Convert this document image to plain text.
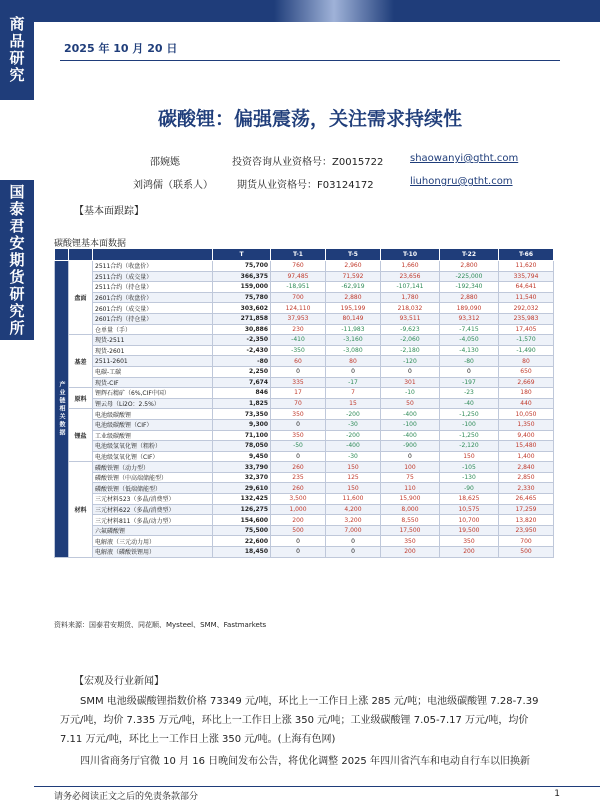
商品研究
国泰君安期货研究所
2025 年 10 月 20 日
碳酸锂：偏强震荡，关注需求持续性
邵婉嫕	投资咨询从业资格号：Z0015722	shaowanyi@gtht.com
刘鸿儒（联系人） 期货从业资格号：F03124172	liuhongru@gtht.com
【基本面跟踪】
碳酸锂基本面数据
			T	T-1	T-5	T-10	T-22	T-66
产业链相关数据	盘面	2511合约（收盘价）	75,700	760	2,960	1,660	2,800	11,620
		2511合约（成交量）	366,375	97,485	71,592	23,656	-225,000	335,794
		2511合约（持仓量）	159,000	-18,951	-62,919	-107,141	-192,340	64,641
		2601合约（收盘价）	75,780	700	2,880	1,780	2,880	11,540
		2601合约（成交量）	303,602	124,110	195,199	218,032	189,090	292,032
		2601合约（持仓量）	271,858	37,953	80,149	93,511	93,312	235,983
		仓单量（手）	30,886	230	-11,983	-9,623	-7,415	17,405
	基差	现货-2511	-2,350	-410	-3,160	-2,060	-4,050	-1,570
		现货-2601	-2,430	-350	-3,080	-2,180	-4,130	-1,490
		2511-2601	-80	60	80	-120	-80	80
		电碳-工碳	2,250	0	0	0	0	650
		现货-CIF	7,674	335	-17	301	-197	2,669
	原料	锂辉石精矿（6%,CIF中国）	846	17	7	-10	-23	180
		锂云母（Li2O：2.5%）	1,825	70	15	50	-40	440
	锂盐	电池级碳酸锂	73,350	350	-200	-400	-1,250	10,050
		电池级碳酸锂（CIF）	9,300	0	-30	-100	-100	1,350
		工业级碳酸锂	71,100	350	-200	-400	-1,250	9,400
		电池级氢氧化锂（粗粉）	78,050	-50	-400	-900	-2,120	15,480
		电池级氢氧化锂（CIF）	9,450	0	-30	0	150	1,400
	材料	磷酸铁锂（动力型）	33,790	260	150	100	-105	2,840
		磷酸铁锂（中高端储能型）	32,370	235	125	75	-130	2,850
		磷酸铁锂（低端储能型）	29,610	260	150	110	-90	2,330
		三元材料523（多晶/消费型）	132,425	3,500	11,600	15,900	18,625	26,465
		三元材料622（多晶/消费型）	126,275	1,000	4,200	8,000	10,575	17,259
		三元材料811（多晶/动力型）	154,600	200	3,200	8,550	10,700	13,820
		六氟磷酸锂	75,500	500	7,000	17,500	19,500	23,950
		电解液（三元动力用）	22,600	0	0	350	350	700
		电解液（磷酸铁锂用）	18,450	0	0	200	200	500
资料来源：国泰君安期货、同花顺、Mysteel、SMM、Fastmarkets
【宏观及行业新闻】
SMM 电池级碳酸锂指数价格 73349 元/吨，环比上一工作日上涨 285 元/吨；电池级碳酸锂 7.28-7.39 万元/吨，均价 7.335 万元/吨，环比上一工作日上涨 350 元/吨；工业级碳酸锂 7.05-7.17 万元/吨，均价 7.11 万元/吨，环比上一工作日上涨 350 元/吨。(上海有色网)
四川省商务厅官微 10 月 16 日晚间发布公告，将优化调整 2025 年四川省汽车和电动自行车以旧换新
请务必阅读正文之后的免责条款部分	1
